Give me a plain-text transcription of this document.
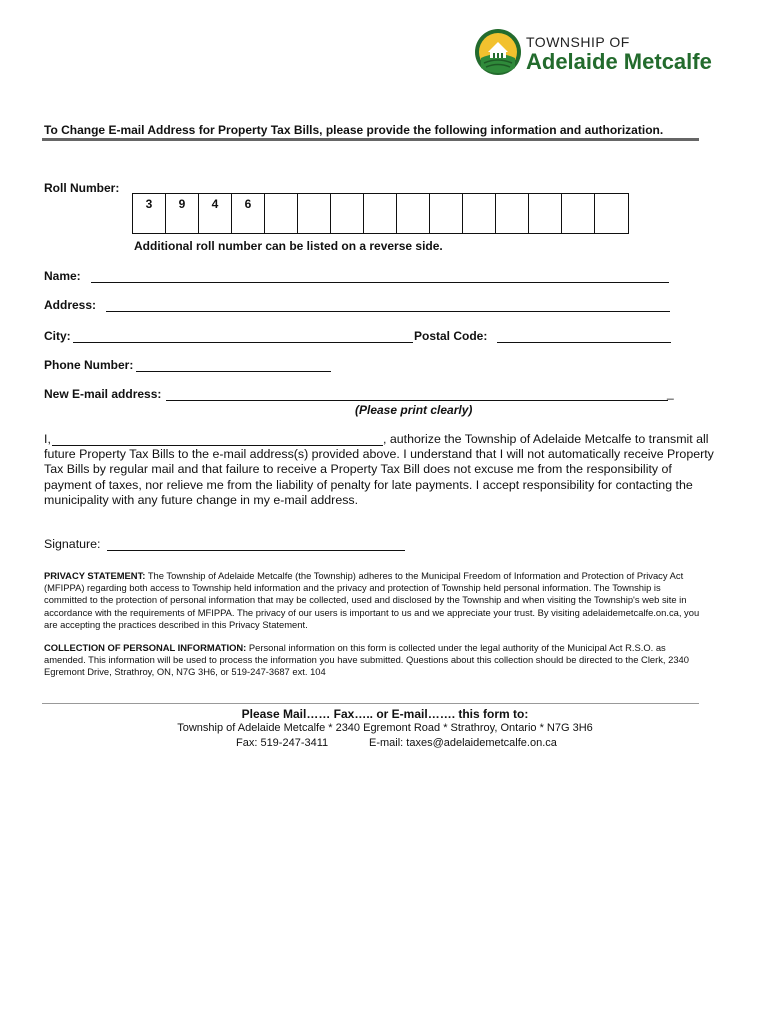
TOWNSHIP OF
Adelaide Metcalfe
To Change E-mail Address for Property Tax Bills, please provide the following information and authorization.
Roll Number:
3	9	4	6
Additional roll number can be listed on a reverse side.
Name:
Address:
City:	Postal Code:
Phone Number:
New E-mail address:	_
(Please print clearly)
I,	, authorize the Township of Adelaide Metcalfe to transmit all
future Property Tax Bills to the e-mail address(s) provided above. I understand that I will not automatically receive Property Tax Bills by regular mail and that failure to receive a Property Tax Bill does not excuse me from the responsibility of payment of taxes, nor relieve me from the liability of penalty for late payments. I accept responsibility for contacting the municipality with any future change in my e-mail address.
Signature:
PRIVACY STATEMENT: The Township of Adelaide Metcalfe (the Township) adheres to the Municipal Freedom of Information and Protection of Privacy Act (MFIPPA) regarding both access to Township held information and the privacy and protection of Township held personal information. The Township is committed to the protection of personal information that may be collected, used and disclosed by the Township and when visiting the Township's web site in accordance with the requirements of MFIPPA. The privacy of our users is important to us and we appreciate your trust. By visiting adelaidemetcalfe.on.ca, you are accepting the practices described in this Privacy Statement.
COLLECTION OF PERSONAL INFORMATION: Personal information on this form is collected under the legal authority of the Municipal Act R.S.O. as amended. This information will be used to process the information you have submitted. Questions about this collection should be directed to the Clerk, 2340 Egremont Drive, Strathroy, ON, N7G 3H6, or 519-247-3687 ext. 104
Please Mail…… Fax….. or E-mail……. this form to:
Township of Adelaide Metcalfe * 2340 Egremont Road * Strathroy, Ontario * N7G 3H6
Fax: 519-247-3411	E-mail: taxes@adelaidemetcalfe.on.ca
